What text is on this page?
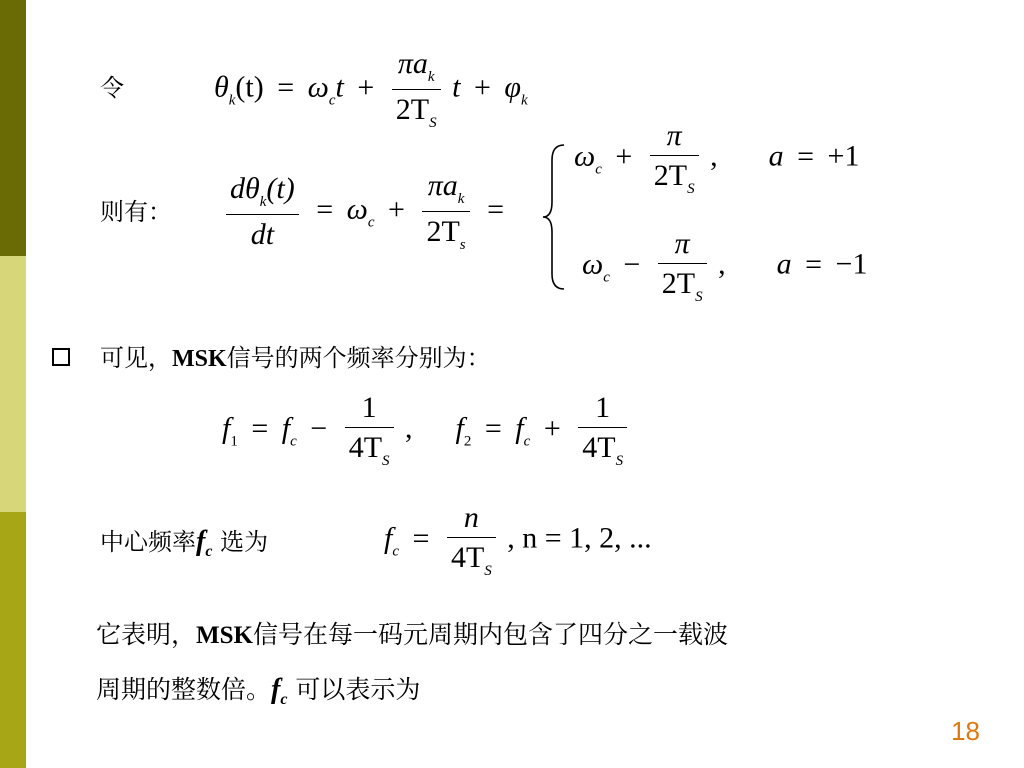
令	$\theta_k(t) = \omega_ct + \frac{\pi a_k}{2T_S}$ $t + \varphi_k$
则有： $\frac{d\theta_k(t)}{dt} = \omega_c + \frac{\pi a_k}{2T_s}$ =
$\omega_c + \frac{\pi}{2T_S}$ , a = +1
$\omega_c - \frac{\pi}{2T_S}$ , a = −1
可见，MSK信号的两个频率分别为：
$f_1 = f_c - \frac{1}{4T_S}$ , $f_2 = f_c + \frac{1}{4T_S}$
中心频率$f_c$ 选为	$f_c = \frac{n}{4T_S}$ , n = 1, 2, ...
它表明，MSK信号在每一码元周期内包含了四分之一载波
周期的整数倍。$f_c$ 可以表示为
18
